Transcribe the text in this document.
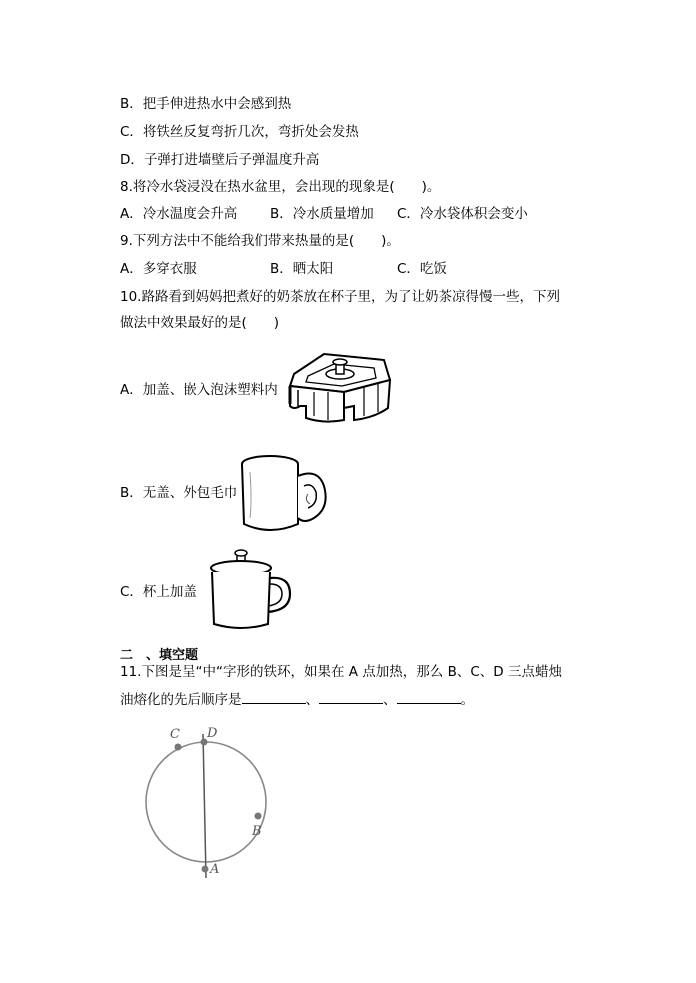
B．把手伸进热水中会感到热
C．将铁丝反复弯折几次，弯折处会发热
D．子弹打进墙壁后子弹温度升高
8.将冷水袋浸没在热水盆里，会出现的现象是(　　)。
A．冷水温度会升高 B．冷水质量增加 C．冷水袋体积会变小
9.下列方法中不能给我们带来热量的是(　　)。
A．多穿衣服	B．晒太阳	C．吃饭
10.路路看到妈妈把煮好的奶茶放在杯子里，为了让奶茶凉得慢一些，下列
做法中效果最好的是(　　)
A．加盖、嵌入泡沫塑料内
B．无盖、外包毛巾
C．杯上加盖
二　、填空题
11.下图是呈“中“字形的铁环，如果在 A 点加热，那么 B、C、D 三点蜡烛
油熔化的先后顺序是	、	、	。
C D
B
A
